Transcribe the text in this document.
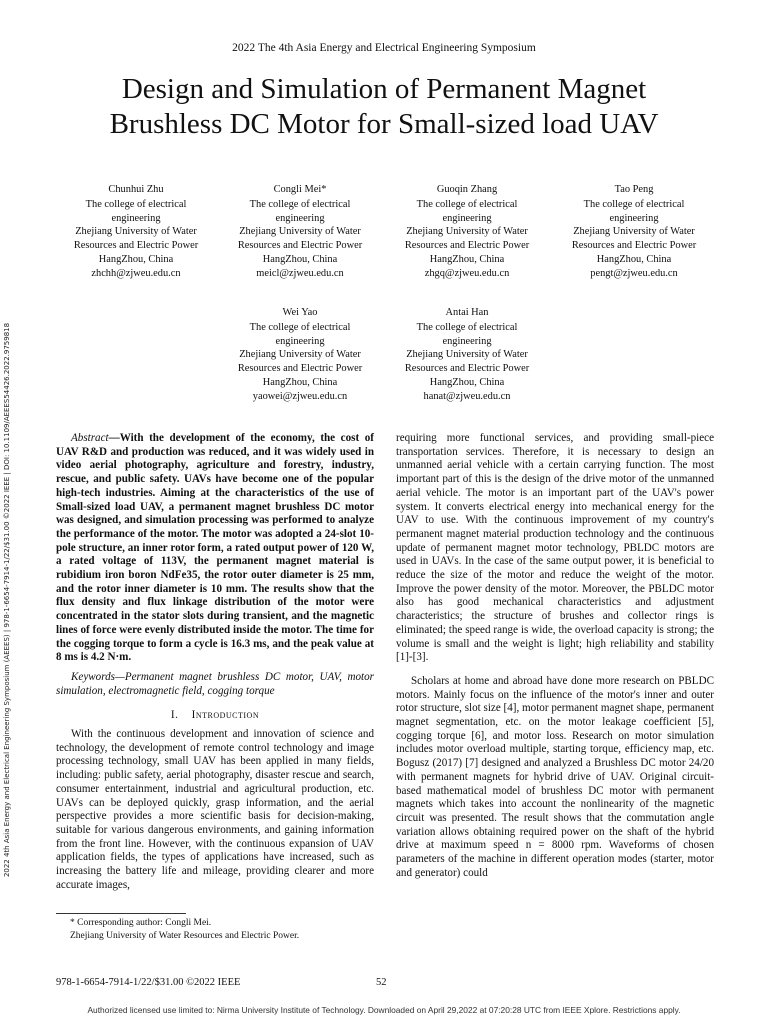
2022 The 4th Asia Energy and Electrical Engineering Symposium
Design and Simulation of Permanent Magnet
Brushless DC Motor for Small-sized load UAV
Chunhui Zhu
The college of electrical
engineering
Zhejiang University of Water
Resources and Electric Power
HangZhou, China
zhchh@zjweu.edu.cn
Congli Mei*
The college of electrical
engineering
Zhejiang University of Water
Resources and Electric Power
HangZhou, China
meicl@zjweu.edu.cn
Guoqin Zhang
The college of electrical
engineering
Zhejiang University of Water
Resources and Electric Power
HangZhou, China
zhgq@zjweu.edu.cn
Tao Peng
The college of electrical
engineering
Zhejiang University of Water
Resources and Electric Power
HangZhou, China
pengt@zjweu.edu.cn
Wei Yao
The college of electrical
engineering
Zhejiang University of Water
Resources and Electric Power
HangZhou, China
yaowei@zjweu.edu.cn
Antai Han
The college of electrical
engineering
Zhejiang University of Water
Resources and Electric Power
HangZhou, China
hanat@zjweu.edu.cn
2022 4th Asia Energy and Electrical Engineering Symposium (AEEES) | 978-1-6654-7914-1/22/$31.00 ©2022 IEEE | DOI: 10.1109/AEEES54426.2022.9759818	Abstract—With the development of the economy, the cost of UAV R&D and production was reduced, and it was widely used in video aerial photography, agriculture and forestry, industry, rescue, and public safety. UAVs have become one of the popular high-tech industries. Aiming at the characteristics of the use of Small-sized load UAV, a permanent magnet brushless DC motor was designed, and simulation processing was performed to analyze the performance of the motor. The motor was adopted a 24-slot 10-pole structure, an inner rotor form, a rated output power of 120 W, a rated voltage of 113V, the permanent magnet material is rubidium iron boron NdFe35, the rotor outer diameter is 25 mm, and the rotor inner diameter is 10 mm. The results show that the flux density and flux linkage distribution of the motor were concentrated in the stator slots during transient, and the magnetic lines of force were evenly distributed inside the motor. The time for the cogging torque to form a cycle is 16.3 ms, and the peak value at 8 ms is 4.2 N·m.

Keywords—Permanent magnet brushless DC motor, UAV, motor simulation, electromagnetic field, cogging torque

I. Introduction

With the continuous development and innovation of science and technology, the development of remote control technology and image processing technology, small UAV has been applied in many fields, including: public safety, aerial photography, disaster rescue and search, consumer entertainment, industrial and agricultural production, etc. UAVs can be deployed quickly, grasp information, and the aerial perspective provides a more scientific basis for decision-making, suitable for various dangerous environments, and gaining information from the front line. However, with the continuous expansion of UAV application fields, the types of applications have increased, such as increasing the battery life and mileage, providing clearer and more accurate images,

requiring more functional services, and providing small-piece transportation services. Therefore, it is necessary to design an unmanned aerial vehicle with a certain carrying function. The most important part of this is the design of the drive motor of the unmanned aerial vehicle. The motor is an important part of the UAV's power system. It converts electrical energy into mechanical energy for the UAV to use. With the continuous improvement of my country's permanent magnet material production technology and the continuous update of permanent magnet motor technology, PBLDC motors are used in UAVs. In the case of the same output power, it is beneficial to reduce the size of the motor and reduce the weight of the motor. Improve the power density of the motor. Moreover, the PBLDC motor also has good mechanical characteristics and adjustment characteristics; the structure of brushes and collector rings is eliminated; the speed range is wide, the overload capacity is strong; the volume is small and the weight is light; high reliability and stability [1]-[3].

Scholars at home and abroad have done more research on PBLDC motors. Mainly focus on the influence of the motor's inner and outer rotor structure, slot size [4], motor permanent magnet shape, permanent magnet segmentation, etc. on the motor leakage coefficient [5], cogging torque [6], and motor loss. Research on motor simulation includes motor overload multiple, starting torque, efficiency map, etc. Bogusz (2017) [7] designed and analyzed a Brushless DC motor 24/20 with permanent magnets for hybrid drive of UAV. Original circuit-based mathematical model of brushless DC motor with permanent magnets which takes into account the nonlinearity of the magnetic circuit was presented. The result shows that the commutation angle variation allows obtaining required power on the shaft of the hybrid drive at maximum speed n = 8000 rpm. Waveforms of chosen parameters of the machine in different operation modes (starter, motor and generator) could

* Corresponding author: Congli Mei.
Zhejiang University of Water Resources and Electric Power.
978-1-6654-7914-1/22/$31.00 ©2022 IEEE	52
Authorized licensed use limited to: Nirma University Institute of Technology. Downloaded on April 29,2022 at 07:20:28 UTC from IEEE Xplore. Restrictions apply.
